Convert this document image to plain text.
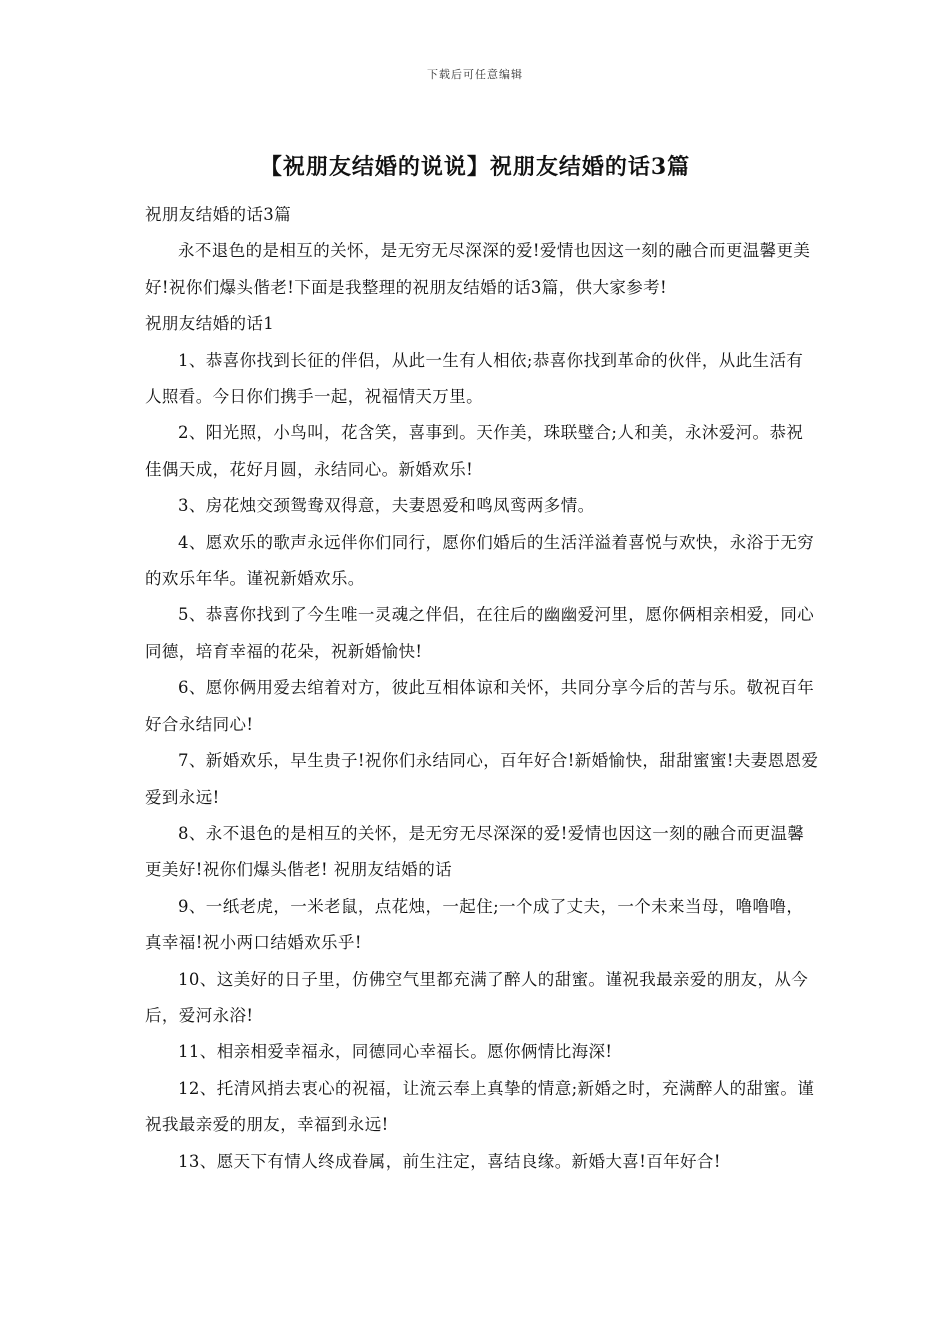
下载后可任意编辑
【祝朋友结婚的说说】祝朋友结婚的话3篇

祝朋友结婚的话3篇

永不退色的是相互的关怀，是无穷无尽深深的爱!爱情也因这一刻的融合而更温馨更美好!祝你们爆头偕老!下面是我整理的祝朋友结婚的话3篇，供大家参考!

祝朋友结婚的话1

1、恭喜你找到长征的伴侣，从此一生有人相依;恭喜你找到革命的伙伴，从此生活有人照看。今日你们携手一起，祝福情天万里。

2、阳光照，小鸟叫，花含笑，喜事到。天作美，珠联璧合;人和美，永沐爱河。恭祝佳偶天成，花好月圆，永结同心。新婚欢乐!

3、房花烛交颈鸳鸯双得意，夫妻恩爱和鸣凤鸾两多情。

4、愿欢乐的歌声永远伴你们同行，愿你们婚后的生活洋溢着喜悦与欢快，永浴于无穷的欢乐年华。谨祝新婚欢乐。

5、恭喜你找到了今生唯一灵魂之伴侣，在往后的幽幽爱河里，愿你俩相亲相爱，同心同德，培育幸福的花朵，祝新婚愉快!

6、愿你俩用爱去绾着对方，彼此互相体谅和关怀，共同分享今后的苦与乐。敬祝百年好合永结同心!

7、新婚欢乐，早生贵子!祝你们永结同心，百年好合!新婚愉快，甜甜蜜蜜!夫妻恩恩爱爱到永远!

8、永不退色的是相互的关怀，是无穷无尽深深的爱!爱情也因这一刻的融合而更温馨更美好!祝你们爆头偕老! 祝朋友结婚的话

9、一纸老虎，一米老鼠，点花烛，一起住;一个成了丈夫，一个未来当母，噜噜噜，真幸福!祝小两口结婚欢乐乎!

10、这美好的日子里，仿佛空气里都充满了醉人的甜蜜。谨祝我最亲爱的朋友，从今后，爱河永浴!

11、相亲相爱幸福永，同德同心幸福长。愿你俩情比海深!

12、托清风捎去衷心的祝福，让流云奉上真挚的情意;新婚之时，充满醉人的甜蜜。谨祝我最亲爱的朋友，幸福到永远!

13、愿天下有情人终成眷属，前生注定，喜结良缘。新婚大喜!百年好合!
